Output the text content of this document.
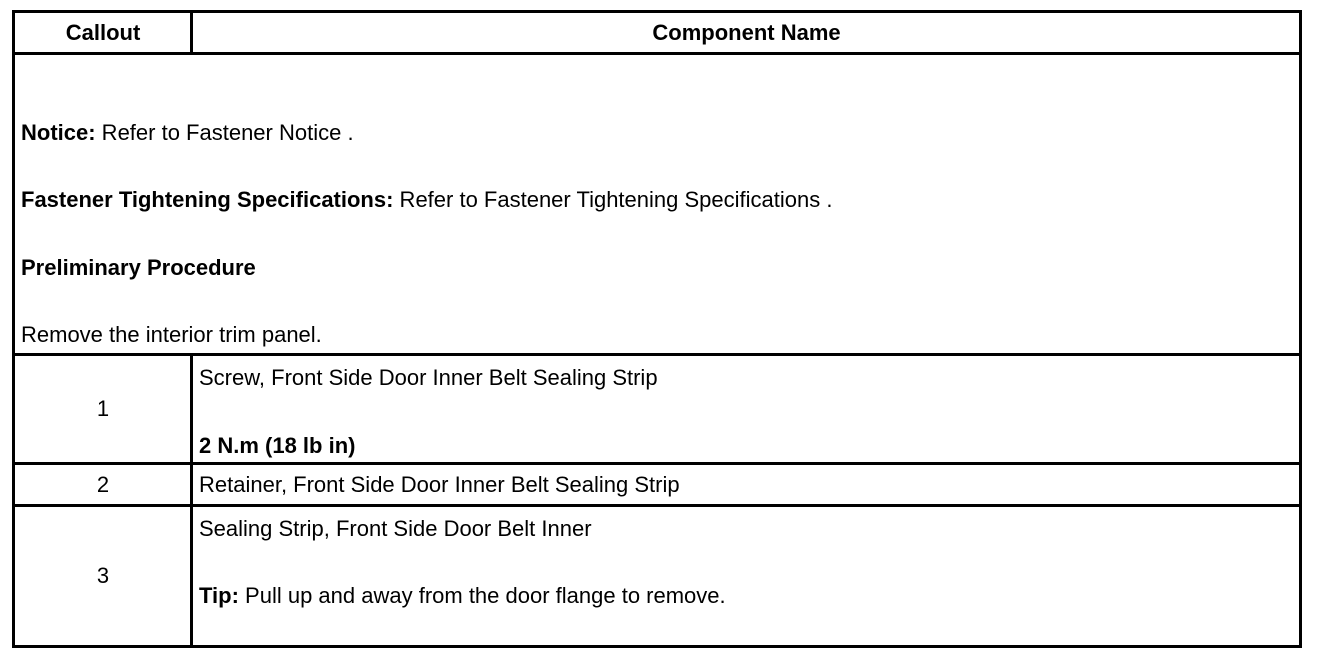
Callout	Component Name
Notice: Refer to Fastener Notice .
Fastener Tightening Specifications: Refer to Fastener Tightening Specifications .
Preliminary Procedure
Remove the interior trim panel.
1
Screw, Front Side Door Inner Belt Sealing Strip
2 N.m (18 lb in)
2	Retainer, Front Side Door Inner Belt Sealing Strip
3
Sealing Strip, Front Side Door Belt Inner
Tip: Pull up and away from the door flange to remove.
